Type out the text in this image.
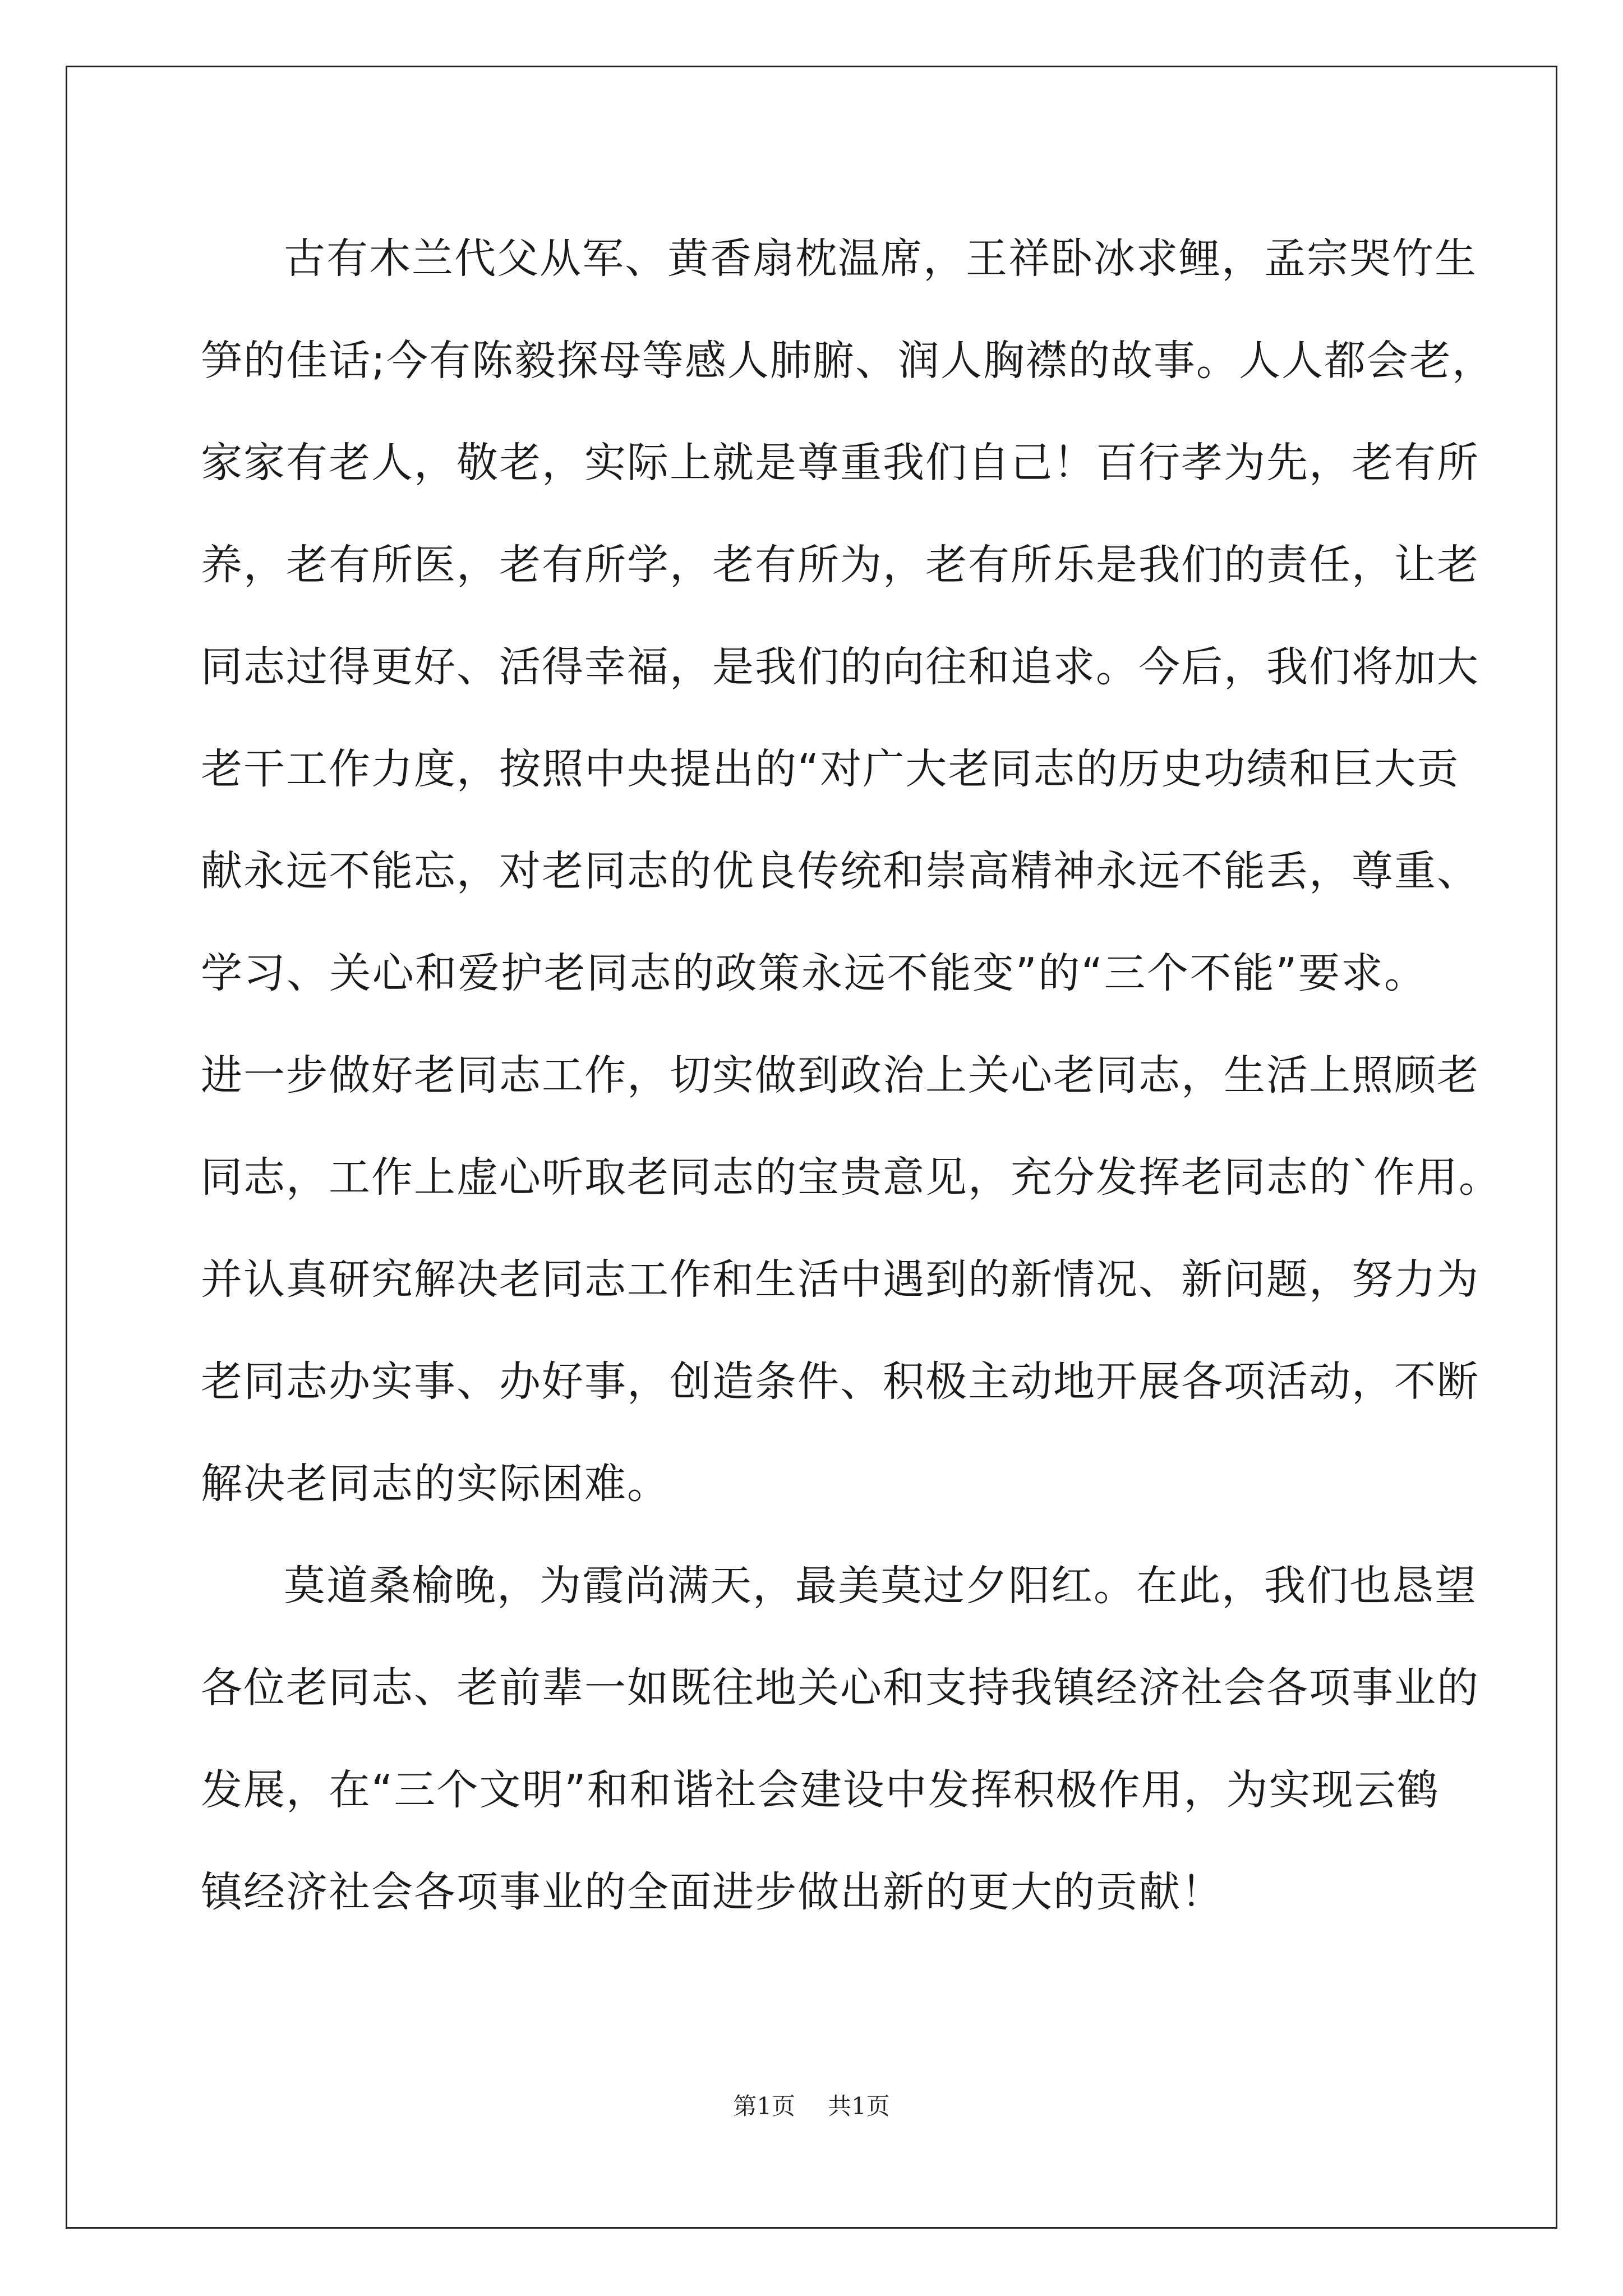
古有木兰代父从军、黄香扇枕温席，王祥卧冰求鲤，孟宗哭竹生
笋的佳话;今有陈毅探母等感人肺腑、润人胸襟的故事。人人都会老，
家家有老人，敬老，实际上就是尊重我们自己！百行孝为先，老有所
养，老有所医，老有所学，老有所为，老有所乐是我们的责任，让老
同志过得更好、活得幸福，是我们的向往和追求。今后，我们将加大
老干工作力度，按照中央提出的“对广大老同志的历史功绩和巨大贡
献永远不能忘，对老同志的优良传统和崇高精神永远不能丢，尊重、
学习、关心和爱护老同志的政策永远不能变”的“三个不能”要求。
进一步做好老同志工作，切实做到政治上关心老同志，生活上照顾老
同志，工作上虚心听取老同志的宝贵意见，充分发挥老同志的`作用。
并认真研究解决老同志工作和生活中遇到的新情况、新问题，努力为
老同志办实事、办好事，创造条件、积极主动地开展各项活动，不断
解决老同志的实际困难。
莫道桑榆晚，为霞尚满天，最美莫过夕阳红。在此，我们也恳望
各位老同志、老前辈一如既往地关心和支持我镇经济社会各项事业的
发展，在“三个文明”和和谐社会建设中发挥积极作用，为实现云鹤
镇经济社会各项事业的全面进步做出新的更大的贡献！
第1页 共1页
